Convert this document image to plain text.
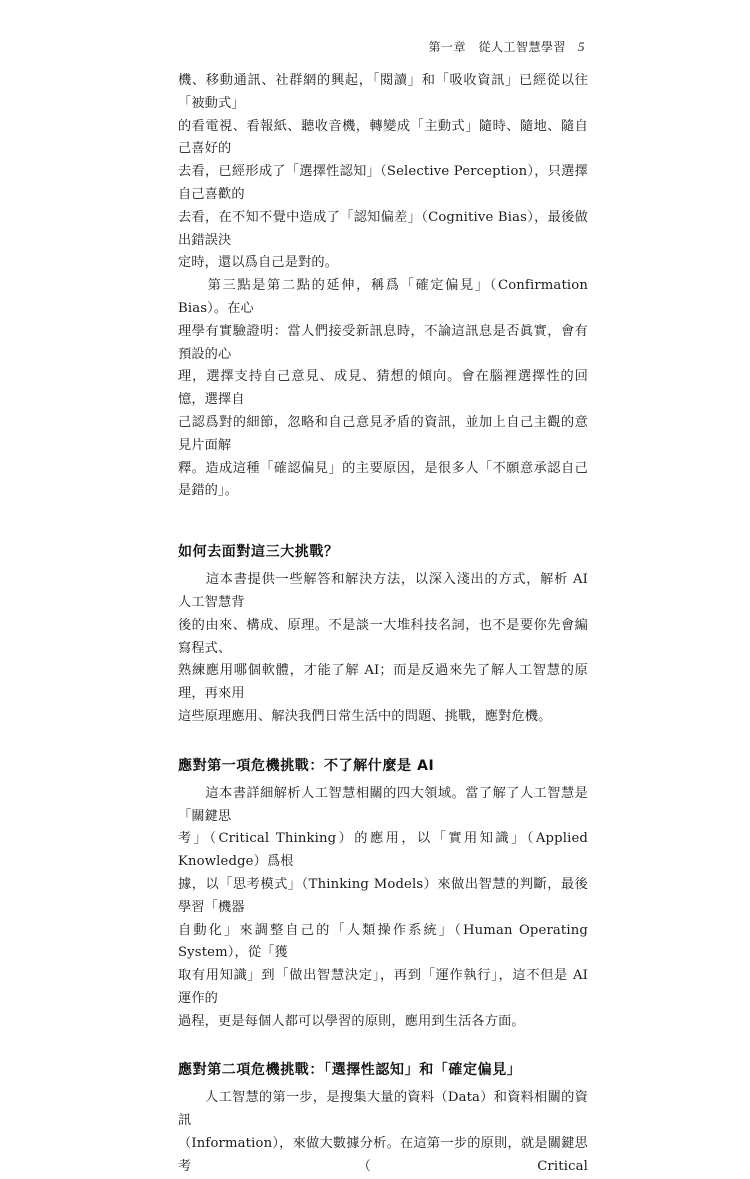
第一章　從人工智慧學習 5

機、移動通訊、社群網的興起，「閱讀」和「吸收資訊」已經從以往「被動式」
的看電視、看報紙、聽收音機，轉變成「主動式」隨時、隨地、隨自己喜好的
去看，已經形成了「選擇性認知」（Selective Perception），只選擇自己喜歡的
去看，在不知不覺中造成了「認知偏差」（Cognitive Bias），最後做出錯誤決
定時，還以爲自己是對的。

　　第三點是第二點的延伸，稱爲「確定偏見」（Confirmation Bias）。在心
理學有實驗證明：當人們接受新訊息時，不論這訊息是否眞實，會有預設的心
理，選擇支持自己意見、成見、猜想的傾向。會在腦裡選擇性的回憶，選擇自
己認爲對的細節，忽略和自己意見矛盾的資訊，並加上自己主觀的意見片面解
釋。造成這種「確認偏見」的主要原因，是很多人「不願意承認自己是錯的」。

如何去面對這三大挑戰？

　　這本書提供一些解答和解決方法，以深入淺出的方式，解析 AI 人工智慧背
後的由來、構成、原理。不是談一大堆科技名詞，也不是要你先會編寫程式、
熟練應用哪個軟體，才能了解 AI；而是反過來先了解人工智慧的原理，再來用
這些原理應用、解決我們日常生活中的問題、挑戰，應對危機。

應對第一項危機挑戰：不了解什麼是 AI

　　這本書詳細解析人工智慧相關的四大領域。當了解了人工智慧是「關鍵思
考」（Critical Thinking）的應用，以「實用知識」（Applied Knowledge）爲根
據，以「思考模式」（Thinking Models）來做出智慧的判斷，最後學習「機器
自動化」來調整自己的「人類操作系統」（Human Operating System），從「獲
取有用知識」到「做出智慧決定」，再到「運作執行」，這不但是 AI 運作的
過程，更是每個人都可以學習的原則，應用到生活各方面。

應對第二項危機挑戰：「選擇性認知」和「確定偏見」

　　人工智慧的第一步，是搜集大量的資料（Data）和資料相關的資訊
（Information），來做大數據分析。在這第一步的原則，就是關鍵思考（Critical
